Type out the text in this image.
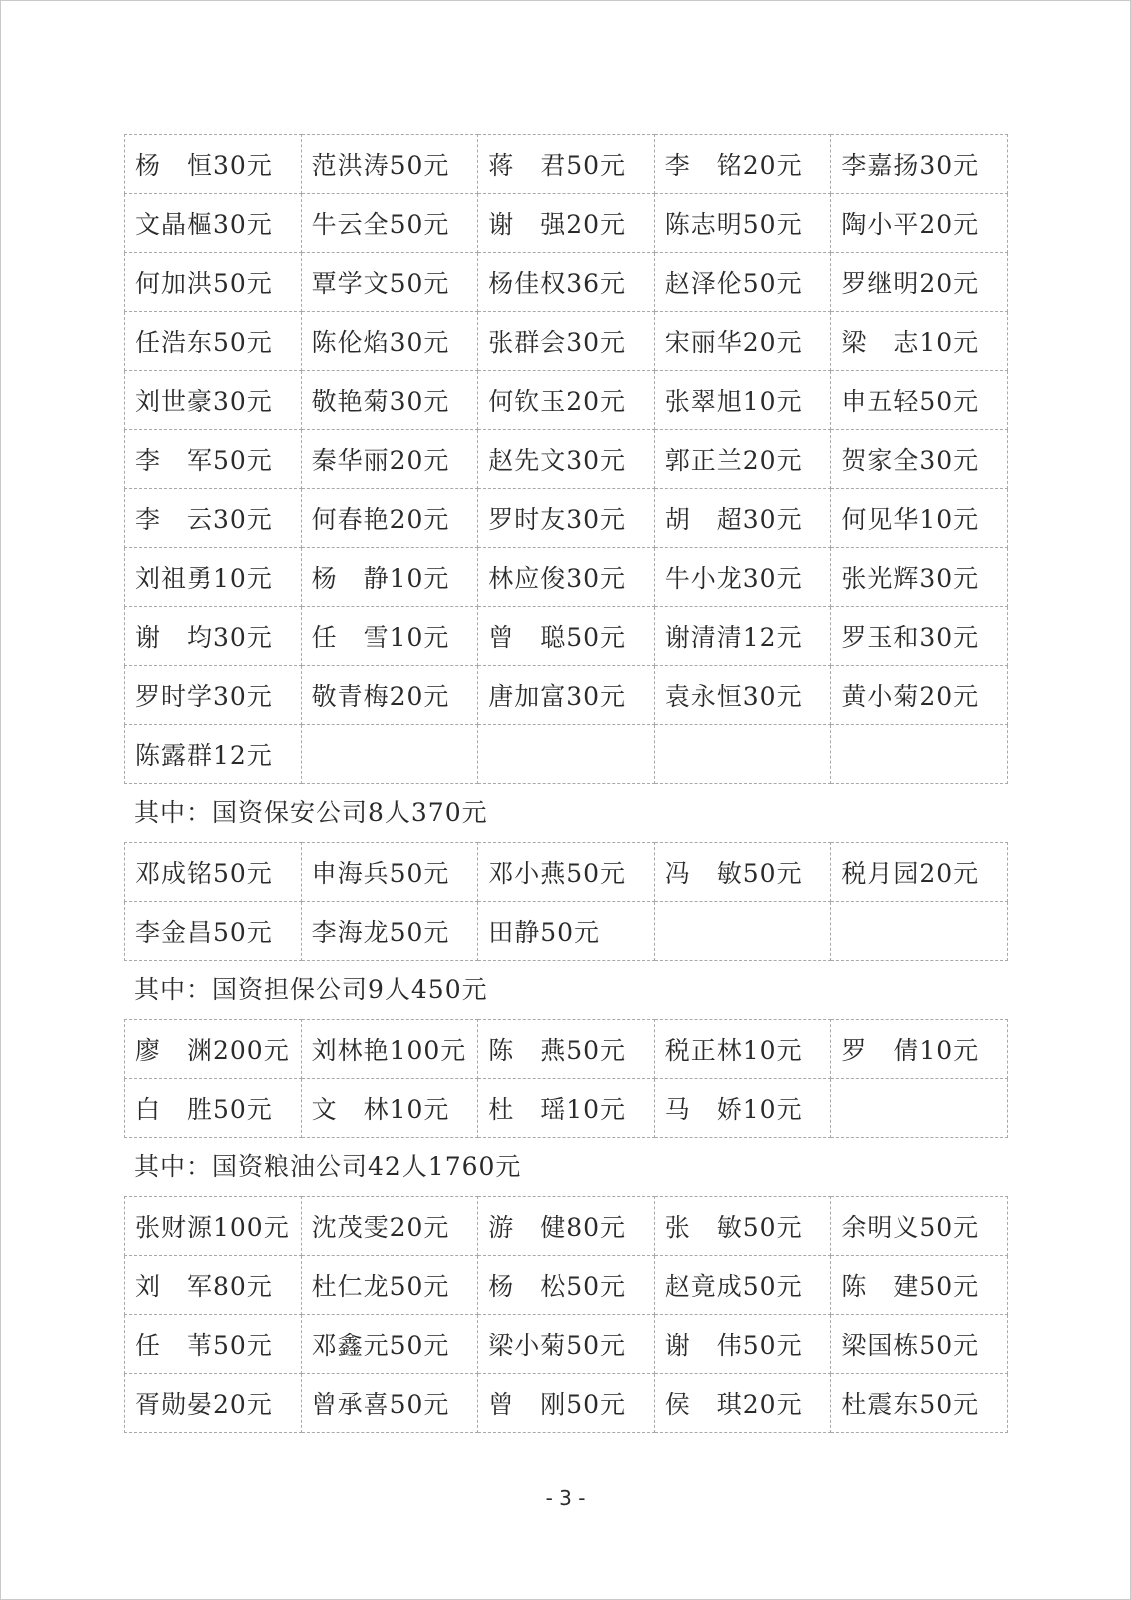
杨　恒30元	范洪涛50元	蒋　君50元	李　铭20元	李嘉扬30元
文晶樞30元	牛云全50元	谢　强20元	陈志明50元	陶小平20元
何加洪50元	覃学文50元	杨佳权36元	赵泽伦50元	罗继明20元
任浩东50元	陈伦焰30元	张群会30元	宋丽华20元	梁　志10元
刘世豪30元	敬艳菊30元	何钦玉20元	张翠旭10元	申五轻50元
李　军50元	秦华丽20元	赵先文30元	郭正兰20元	贺家全30元
李　云30元	何春艳20元	罗时友30元	胡　超30元	何见华10元
刘祖勇10元	杨　静10元	林应俊30元	牛小龙30元	张光辉30元
谢　均30元	任　雪10元	曾　聪50元	谢清清12元	罗玉和30元
罗时学30元	敬青梅20元	唐加富30元	袁永恒30元	黄小菊20元
陈露群12元				
其中：国资保安公司8人370元
邓成铭50元	申海兵50元	邓小燕50元	冯　敏50元	税月园20元
李金昌50元	李海龙50元	田静50元		
其中：国资担保公司9人450元
廖　渊200元	刘林艳100元	陈　燕50元	税正林10元	罗　倩10元
白　胜50元	文　林10元	杜　瑶10元	马　娇10元	
其中：国资粮油公司42人1760元
张财源100元	沈茂雯20元	游　健80元	张　敏50元	余明义50元
刘　军80元	杜仁龙50元	杨　松50元	赵竟成50元	陈　建50元
任　苇50元	邓鑫元50元	梁小菊50元	谢　伟50元	梁国栋50元
胥勋晏20元	曾承喜50元	曾　刚50元	侯　琪20元	杜震东50元
- 3 -
